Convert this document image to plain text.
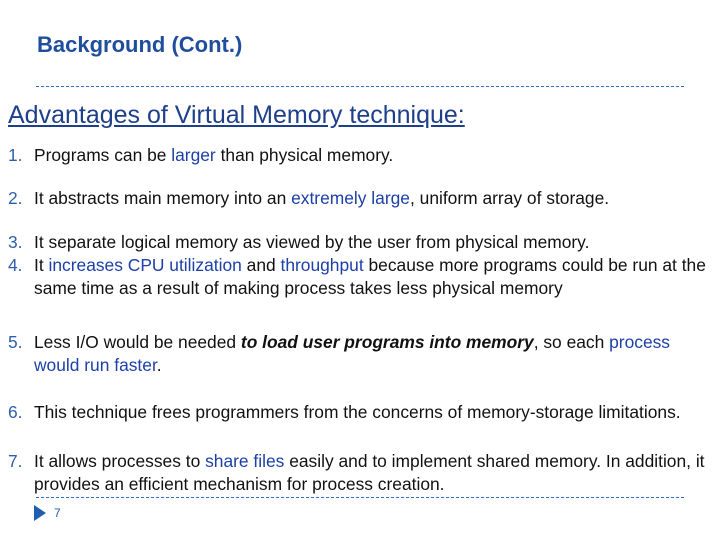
Background (Cont.)
Advantages of Virtual Memory technique:
1. Programs can be larger than physical memory.
2. It abstracts main memory into an extremely large, uniform array of storage.
3. It separate logical memory as viewed by the user from physical memory.
4. It increases CPU utilization and throughput because more programs could be run at the same time as a result of making process takes less physical memory
5. Less I/O would be needed to load user programs into memory, so each process would run faster.
6. This technique frees programmers from the concerns of memory-storage limitations.
7. It allows processes to share files easily and to implement shared memory. In addition, it provides an efficient mechanism for process creation.
7
